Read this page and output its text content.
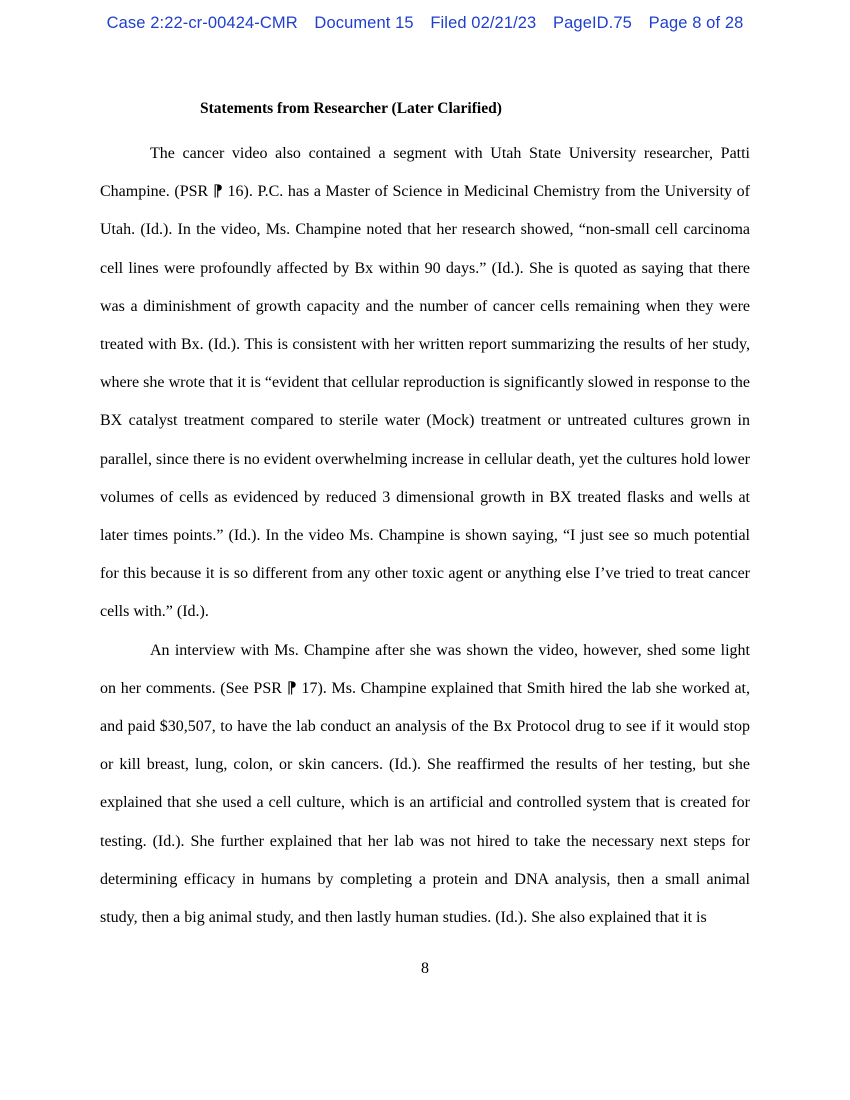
Case 2:22-cr-00424-CMR Document 15 Filed 02/21/23 PageID.75 Page 8 of 28
Statements from Researcher (Later Clarified)

The cancer video also contained a segment with Utah State University researcher, Patti Champine. (PSR ⁋ 16). P.C. has a Master of Science in Medicinal Chemistry from the University of Utah. (Id.). In the video, Ms. Champine noted that her research showed, “non-small cell carcinoma cell lines were profoundly affected by Bx within 90 days.” (Id.). She is quoted as saying that there was a diminishment of growth capacity and the number of cancer cells remaining when they were treated with Bx. (Id.). This is consistent with her written report summarizing the results of her study, where she wrote that it is “evident that cellular reproduction is significantly slowed in response to the BX catalyst treatment compared to sterile water (Mock) treatment or untreated cultures grown in parallel, since there is no evident overwhelming increase in cellular death, yet the cultures hold lower volumes of cells as evidenced by reduced 3 dimensional growth in BX treated flasks and wells at later times points.” (Id.). In the video Ms. Champine is shown saying, “I just see so much potential for this because it is so different from any other toxic agent or anything else I’ve tried to treat cancer cells with.” (Id.).

An interview with Ms. Champine after she was shown the video, however, shed some light on her comments. (See PSR ⁋ 17). Ms. Champine explained that Smith hired the lab she worked at, and paid $30,507, to have the lab conduct an analysis of the Bx Protocol drug to see if it would stop or kill breast, lung, colon, or skin cancers. (Id.). She reaffirmed the results of her testing, but she explained that she used a cell culture, which is an artificial and controlled system that is created for testing. (Id.). She further explained that her lab was not hired to take the necessary next steps for determining efficacy in humans by completing a protein and DNA analysis, then a small animal study, then a big animal study, and then lastly human studies. (Id.). She also explained that it is

8
